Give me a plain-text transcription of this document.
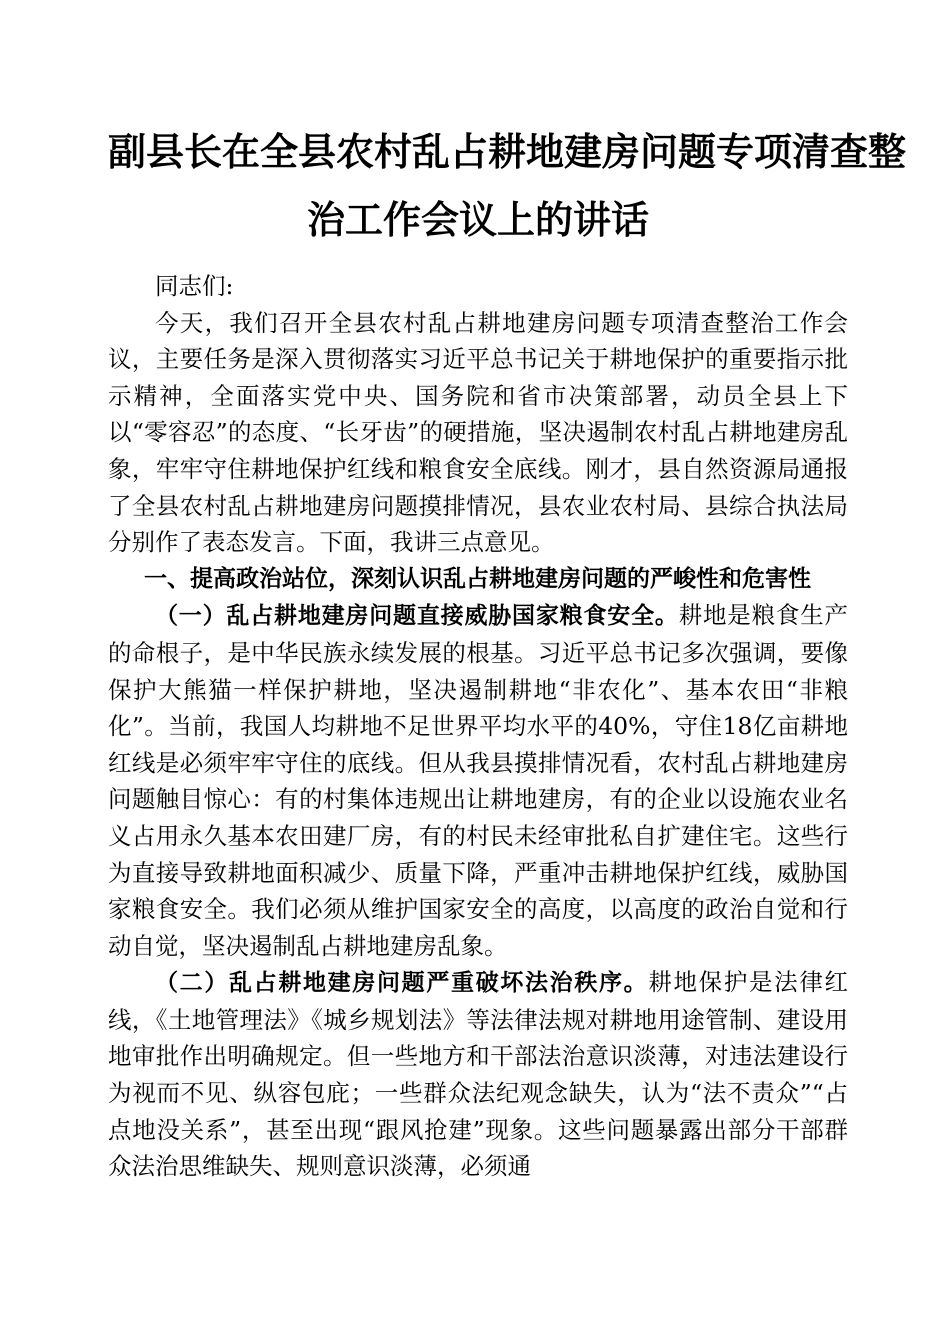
副县长在全县农村乱占耕地建房问题专项清查整
治工作会议上的讲话

同志们:

今天，我们召开全县农村乱占耕地建房问题专项清查整治工作会议，主要任务是深入贯彻落实习近平总书记关于耕地保护的重要指示批示精神，全面落实党中央、国务院和省市决策部署，动员全县上下以“零容忍”的态度、“长牙齿”的硬措施，坚决遏制农村乱占耕地建房乱象，牢牢守住耕地保护红线和粮食安全底线。刚才，县自然资源局通报了全县农村乱占耕地建房问题摸排情况，县农业农村局、县综合执法局分别作了表态发言。下面，我讲三点意见。

一、提高政治站位，深刻认识乱占耕地建房问题的严峻性和危害性

（一）乱占耕地建房问题直接威胁国家粮食安全。耕地是粮食生产的命根子，是中华民族永续发展的根基。习近平总书记多次强调，要像保护大熊猫一样保护耕地，坚决遏制耕地“非农化”、基本农田“非粮化”。当前，我国人均耕地不足世界平均水平的40%，守住18亿亩耕地红线是必须牢牢守住的底线。但从我县摸排情况看，农村乱占耕地建房问题触目惊心：有的村集体违规出让耕地建房，有的企业以设施农业名义占用永久基本农田建厂房，有的村民未经审批私自扩建住宅。这些行为直接导致耕地面积减少、质量下降，严重冲击耕地保护红线，威胁国家粮食安全。我们必须从维护国家安全的高度，以高度的政治自觉和行动自觉，坚决遏制乱占耕地建房乱象。

（二）乱占耕地建房问题严重破坏法治秩序。耕地保护是法律红线，《土地管理法》《城乡规划法》等法律法规对耕地用途管制、建设用地审批作出明确规定。但一些地方和干部法治意识淡薄，对违法建设行为视而不见、纵容包庇；一些群众法纪观念缺失，认为“法不责众”“占点地没关系”，甚至出现“跟风抢建”现象。这些问题暴露出部分干部群众法治思维缺失、规则意识淡薄，必须通
